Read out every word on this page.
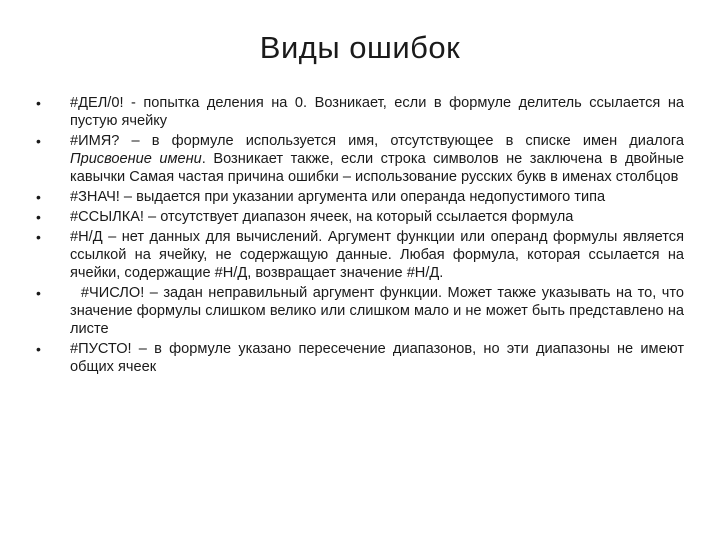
Виды ошибок
• #ДЕЛ/0! - попытка деления на 0. Возникает, если в формуле делитель ссылается на пустую ячейку
• #ИМЯ? – в формуле используется имя, отсутствующее в списке имен диалога Присвоение имени. Возникает также, если строка символов не заключена в двойные кавычки Самая частая причина ошибки – использование русских букв в именах столбцов
• #ЗНАЧ! – выдается при указании аргумента или операнда недопустимого типа
• #ССЫЛКА! – отсутствует диапазон ячеек, на который ссылается формула
• #Н/Д – нет данных для вычислений. Аргумент функции или операнд формулы является ссылкой на ячейку, не содержащую данные. Любая формула, которая ссылается на ячейки, содержащие #Н/Д, возвращает значение #Н/Д.
•   #ЧИСЛО! – задан неправильный аргумент функции. Может также указывать на то, что значение формулы слишком велико или слишком мало и не может быть представлено на листе
• #ПУСТО! – в формуле указано пересечение диапазонов, но эти диапазоны не имеют общих ячеек
